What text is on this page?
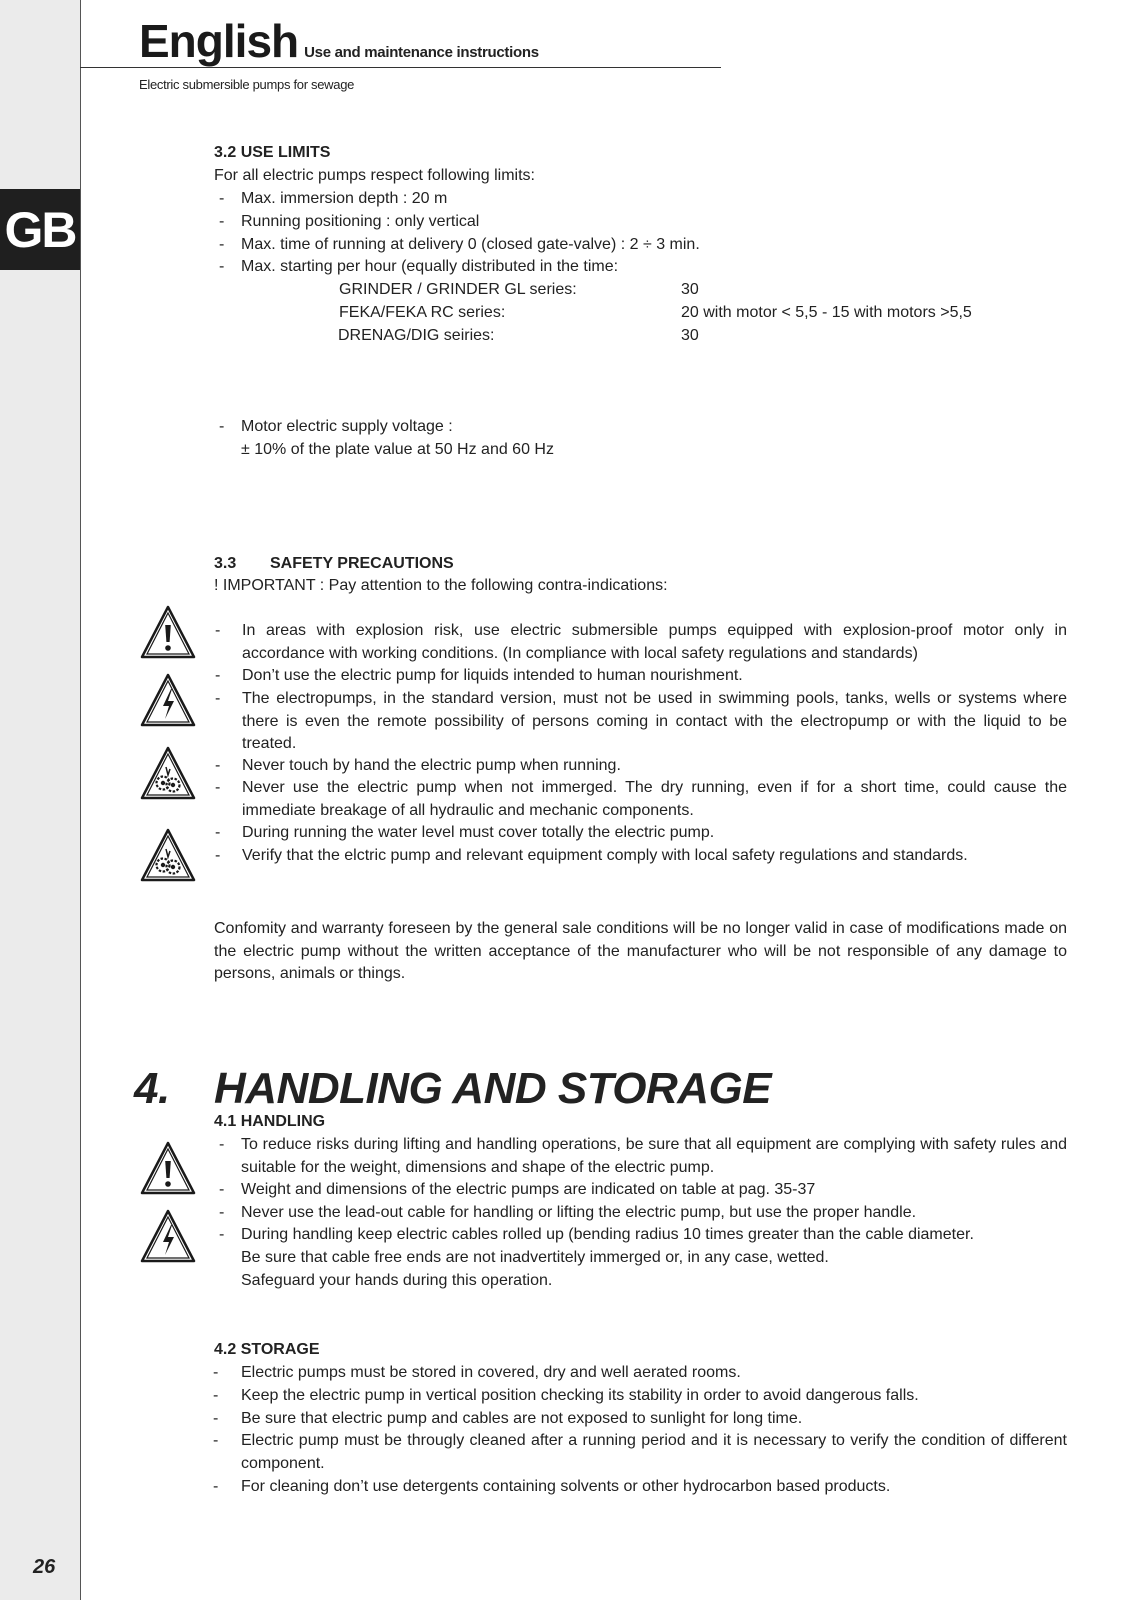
GB
26
English Use and maintenance instructions
Electric submersible pumps for sewage
3.2 USE LIMITS
For all electric pumps respect following limits:
- Max. immersion depth : 20 m
- Running positioning : only vertical
- Max. time of running at delivery 0 (closed gate-valve) : 2 ÷ 3 min.
- Max. starting per hour (equally distributed in the time:
GRINDER / GRINDER GL series:	30
FEKA/FEKA RC series:	20 with motor < 5,5 - 15 with motors >5,5
DRENAG/DIG seiries:	30
- Motor electric supply voltage :
± 10% of the plate value at 50 Hz and 60 Hz
3.3 SAFETY PRECAUTIONS
! IMPORTANT : Pay attention to the following contra-indications:
- In areas with explosion risk, use electric submersible pumps equipped with explosion-proof motor only in accordance with working conditions. (In compliance with local safety regulations and standards)
- Don’t use the electric pump for liquids intended to human nourishment.
- The electropumps, in the standard version, must not be used in swimming pools, tanks, wells or systems where there is even the remote possibility of persons coming in contact with the electropump or with the liquid to be treated.
- Never touch by hand the electric pump when running.
- Never use the electric pump when not immerged. The dry running, even if for a short time, could cause the immediate breakage of all hydraulic and mechanic components.
- During running the water level must cover totally the electric pump.
- Verify that the elctric pump and relevant equipment comply with local safety regulations and standards.
Confomity and warranty foreseen by the general sale conditions will be no longer valid in case of modifications made on the electric pump without the written acceptance of the manufacturer who will be not responsible of any damage to persons, animals or things.
4. HANDLING AND STORAGE
4.1 HANDLING
- To reduce risks during lifting and handling operations, be sure that all equipment are complying with safety rules and suitable for the weight, dimensions and shape of the electric pump.
- Weight and dimensions of the electric pumps are indicated on table at pag. 35-37
- Never use the lead-out cable for handling or lifting the electric pump, but use the proper handle.
- During handling keep electric cables rolled up (bending radius 10 times greater than the cable diameter.
Be sure that cable free ends are not inadvertitely immerged or, in any case, wetted.
Safeguard your hands during this operation.
4.2 STORAGE
- Electric pumps must be stored in covered, dry and well aerated rooms.
- Keep the electric pump in vertical position checking its stability in order to avoid dangerous falls.
- Be sure that electric pump and cables are not exposed to sunlight for long time.
- Electric pump must be througly cleaned after a running period and it is necessary to verify the condition of different component.
- For cleaning don’t use detergents containing solvents or other hydrocarbon based products.
